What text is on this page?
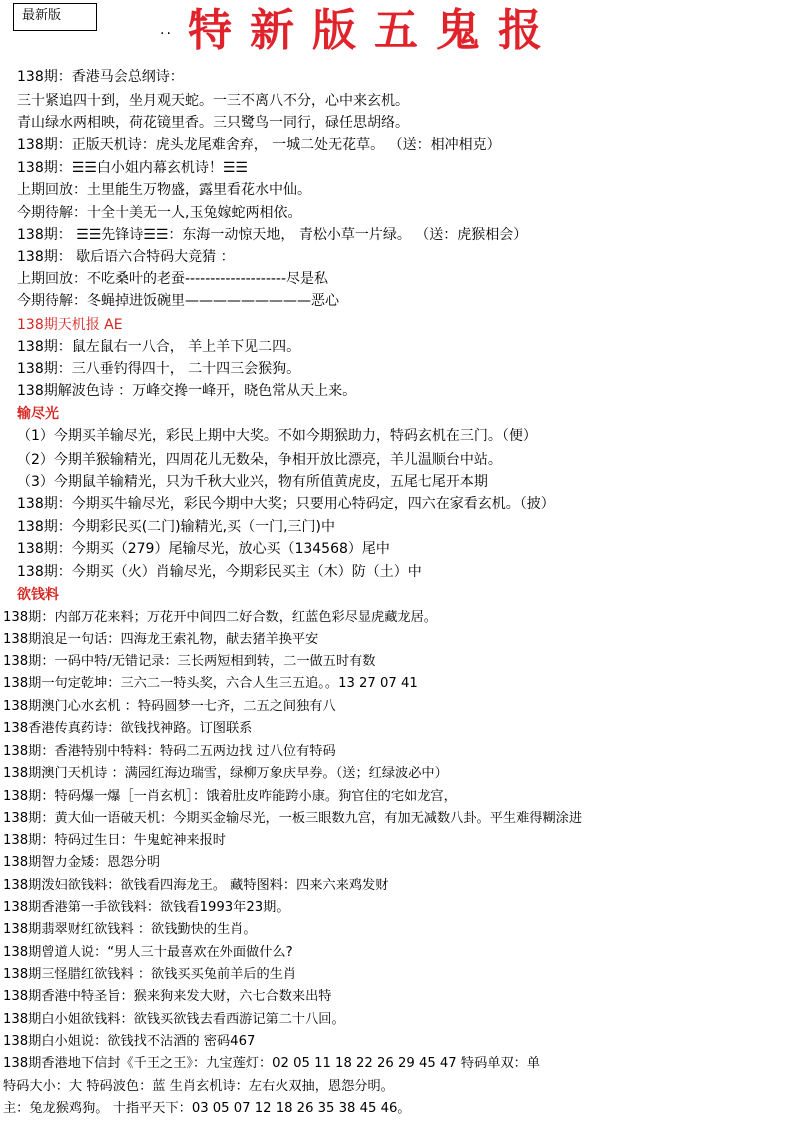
最新版
.. 特新版五鬼报
138期：香港马会总纲诗：
三十紧追四十到，坐月观天蛇。一三不离八不分，心中来玄机。
青山绿水两相映，荷花镜里香。三只鹭鸟一同行，碌任思胡络。
138期：正版天机诗：虎头龙尾难舍弃， 一城二处无花草。 （送：相冲相克）
138期：☰☰白小姐内幕玄机诗！☰☰
上期回放：土里能生万物盛，露里看花水中仙。
今期待解：十全十美无一人,玉兔嫁蛇两相依。
138期： ☰☰先锋诗☰☰：东海一动惊天地， 青松小草一片绿。 （送：虎猴相会）
138期： 歇后语六合特码大竞猜 ：
上期回放：不吃桑叶的老蚕--------------------尽是私
今期待解：冬蝇掉进饭碗里—————————恶心
138期天机报 AE
138期：鼠左鼠右一八合， 羊上羊下见二四。
138期：三八垂钓得四十， 二十四三会猴狗。
138期解波色诗 ：万峰交搀一峰开，晓色常从天上来。
输尽光
（1）今期买羊输尽光，彩民上期中大奖。不如今期猴助力，特码玄机在三门。（便）
（2）今期羊猴输精光，四周花儿无数朵，争相开放比漂亮，羊儿温顺台中站。
（3）今期鼠羊输精光，只为千秋大业兴，物有所值黄虎皮，五尾七尾开本期
138期：今期买牛输尽光，彩民今期中大奖；只要用心特码定，四六在家看玄机。（披）
138期：今期彩民买(二门)输精光,买（一门,三门)中
138期：今期买（279）尾输尽光，放心买（134568）尾中
138期：今期买（火）肖输尽光，今期彩民买主（木）防（土）中
欲钱料
138期：内部万花来料；万花开中间四二好合数，红蓝色彩尽显虎藏龙居。
138期浪足一句话：四海龙王索礼物，献去猪羊换平安
138期：一码中特/无错记录：三长两短相到转，二一做五时有数
138期一句定乾坤：三六二一特头奖，六合人生三五追。。13 27 07 41
138期澳门心水玄机 ：特码圆梦一七齐，二五之间独有八
138香港传真药诗：欲钱找神路。订图联系
138期：香港特别中特料：特码二五两边找 过八位有特码
138期澳门天机诗 ：满园红海边瑞雪，绿柳万象庆早券。（送；红绿波必中）
138期：特码爆一爆［一肖玄机］：饿着肚皮咋能跨小康。狗官住的宅如龙宫，
138期：黄大仙一语破天机：今期买金输尽光，一板三眼数九宫，有加无减数八卦。平生难得糊涂进
138期：特码过生日：牛鬼蛇神来报时
138期智力金矮：恩怨分明
138期泼妇欲钱料：欲钱看四海龙王。 藏特图料：四来六来鸡发财
138期香港第一手欲钱料：欲钱看1993年23期。
138期翡翠财红欲钱料 ：欲钱勤快的生肖。
138期曾道人说：“男人三十最喜欢在外面做什么?
138期三怪腊红欲钱料 ：欲钱买买兔前羊后的生肖
138期香港中特圣旨：猴来狗来发大财，六七合数来出特
138期白小姐欲钱料：欲钱买欲钱去看西游记第二十八回。
138期白小姐说：欲钱找不沾酒的 密码467
138期香港地下信封《千王之王》：九宝莲灯：02 05 11 18 22 26 29 45 47 特码单双：单
特码大小：大 特码波色：蓝 生肖玄机诗：左右火双抽，恩怨分明。
主：兔龙猴鸡狗。 十指平天下：03 05 07 12 18 26 35 38 45 46。
